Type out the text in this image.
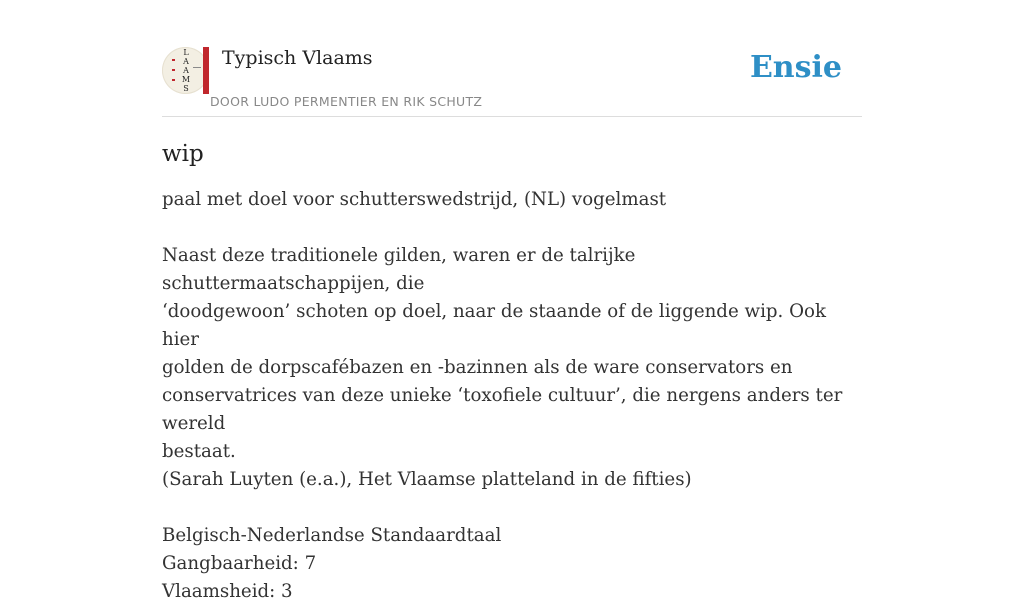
L
A
A
M
S
Typisch Vlaams
DOOR LUDO PERMENTIER EN RIK SCHUTZ
Ensie
wip

paal met doel voor schutterswedstrijd, (NL) vogelmast

Naast deze traditionele gilden, waren er de talrijke schuttermaatschappijen, die

‘doodgewoon’ schoten op doel, naar de staande of de liggende wip. Ook hier

golden de dorpscafébazen en -bazinnen als de ware conservators en

conservatrices van deze unieke ‘toxofiele cultuur’, die nergens anders ter wereld

bestaat.

(Sarah Luyten (e.a.), Het Vlaamse platteland in de fifties)

Belgisch-Nederlandse Standaardtaal

Gangbaarheid: 7

Vlaamsheid: 3
